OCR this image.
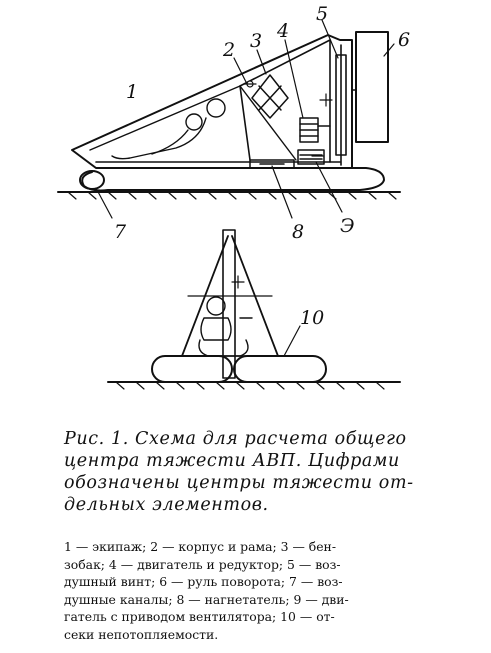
1
2 3 4
5
6
7	8 Э
10
Рис. 1. Схема для расчета общего
центра тяжести АВП. Цифрами
обозначены центры тяжести от-
дельных элементов.

1 — экипаж; 2 — корпус и рама; 3 — бен-

зобак; 4 — двигатель и редуктор; 5 — воз-

душный винт; 6 — руль поворота; 7 — воз-

душные каналы; 8 — нагнетатель; 9 — дви-

гатель с приводом вентилятора; 10 — от-

секи непотопляемости.
